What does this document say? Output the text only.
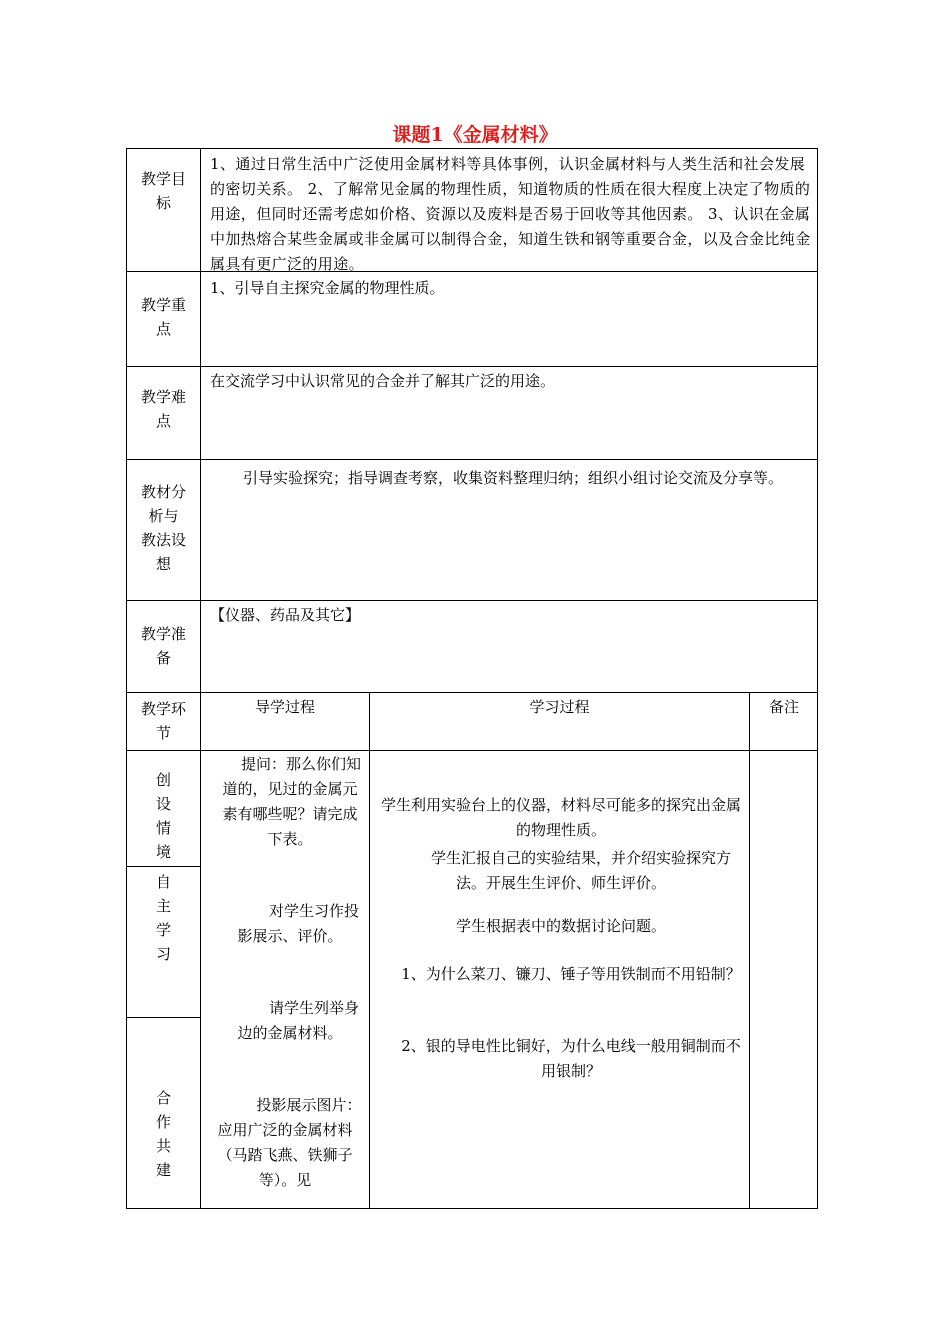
课题1《金属材料》
教学目
标
1、通过日常生活中广泛使用金属材料等具体事例，认识金属材料与人类生活和社会发展的密切关系。 2、了解常见金属的物理性质，知道物质的性质在很大程度上决定了物质的用途，但同时还需考虑如价格、资源以及废料是否易于回收等其他因素。 3、认识在金属中加热熔合某些金属或非金属可以制得合金，知道生铁和钢等重要合金，以及合金比纯金属具有更广泛的用途。
教学重
点
1、引导自主探究金属的物理性质。
教学难
点
在交流学习中认识常见的合金并了解其广泛的用途。
教材分
析与
教法设
想
引导实验探究；指导调查考察，收集资料整理归纳；组织小组讨论交流及分享等。
教学准
备
【仪器、药品及其它】
教学环
节
导学过程	学习过程	备注
创
设
情
境
自
主
学
习
合
作
共
建
提问：那么你们知道的，见过的金属元素有哪些呢？请完成下表。
对学生习作投影展示、评价。
请学生列举身边的金属材料。
投影展示图片：应用广泛的金属材料（马踏飞燕、铁狮子等）。见
学生利用实验台上的仪器，材料尽可能多的探究出金属的物理性质。
学生汇报自己的实验结果，并介绍实验探究方法。开展生生评价、师生评价。
学生根据表中的数据讨论问题。
1、为什么菜刀、镰刀、锤子等用铁制而不用铅制？
2、银的导电性比铜好，为什么电线一般用铜制而不用银制？
